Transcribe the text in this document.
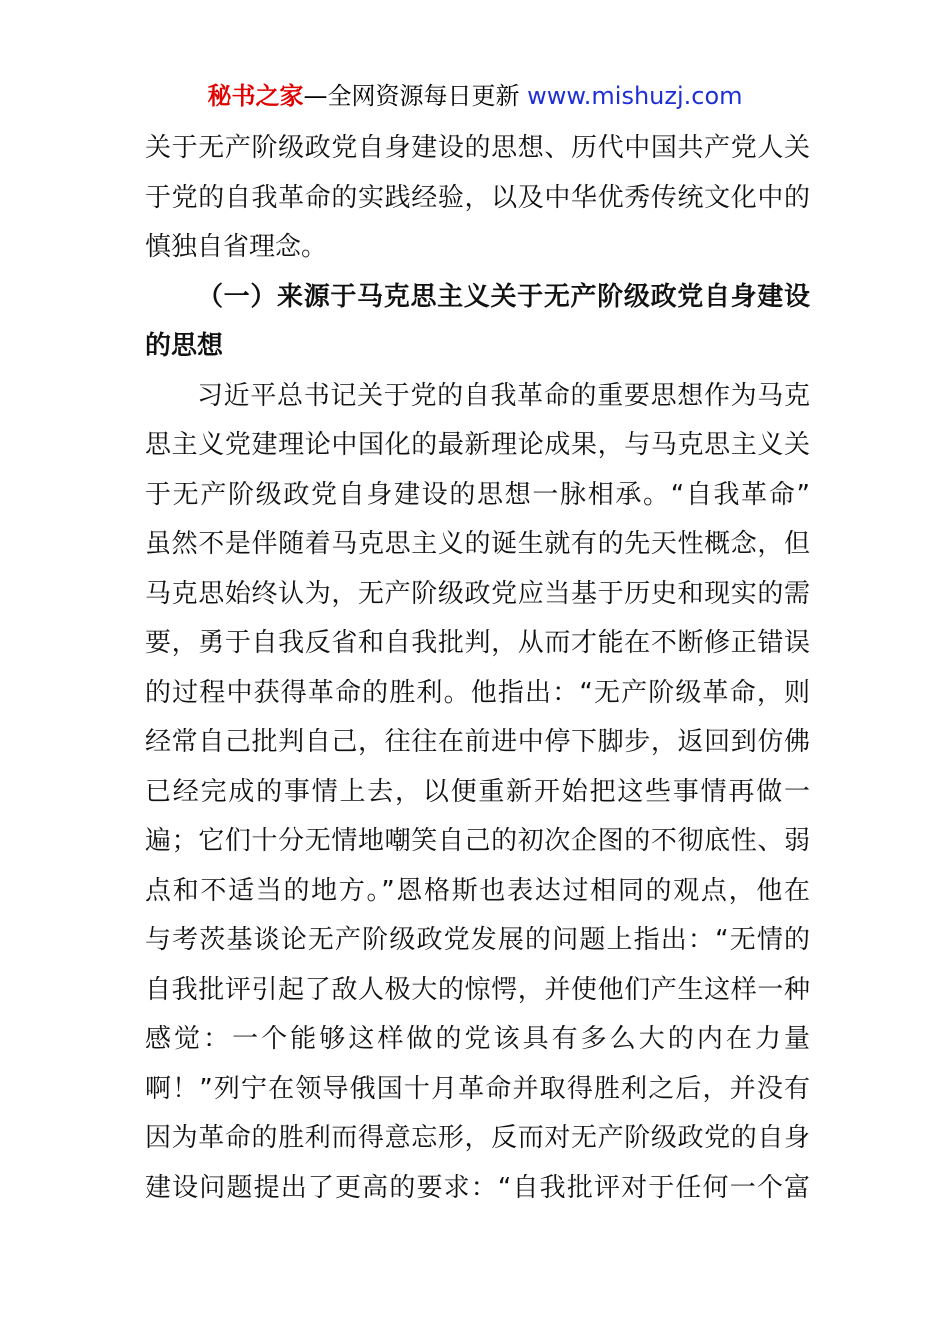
秘书之家—全网资源每日更新 www.mishuzj.com
关于无产阶级政党自身建设的思想、历代中国共产党人关
于党的自我革命的实践经验，以及中华优秀传统文化中的
慎独自省理念。
（一）来源于马克思主义关于无产阶级政党自身建设
的思想
习近平总书记关于党的自我革命的重要思想作为马克
思主义党建理论中国化的最新理论成果，与马克思主义关
于无产阶级政党自身建设的思想一脉相承。“自我革命”
虽然不是伴随着马克思主义的诞生就有的先天性概念，但
马克思始终认为，无产阶级政党应当基于历史和现实的需
要，勇于自我反省和自我批判，从而才能在不断修正错误
的过程中获得革命的胜利。他指出：“无产阶级革命，则
经常自己批判自己，往往在前进中停下脚步，返回到仿佛
已经完成的事情上去，以便重新开始把这些事情再做一
遍；它们十分无情地嘲笑自己的初次企图的不彻底性、弱
点和不适当的地方。”恩格斯也表达过相同的观点，他在
与考茨基谈论无产阶级政党发展的问题上指出：“无情的
自我批评引起了敌人极大的惊愕，并使他们产生这样一种
感觉：一个能够这样做的党该具有多么大的内在力量
啊！”列宁在领导俄国十月革命并取得胜利之后，并没有
因为革命的胜利而得意忘形，反而对无产阶级政党的自身
建设问题提出了更高的要求：“自我批评对于任何一个富
